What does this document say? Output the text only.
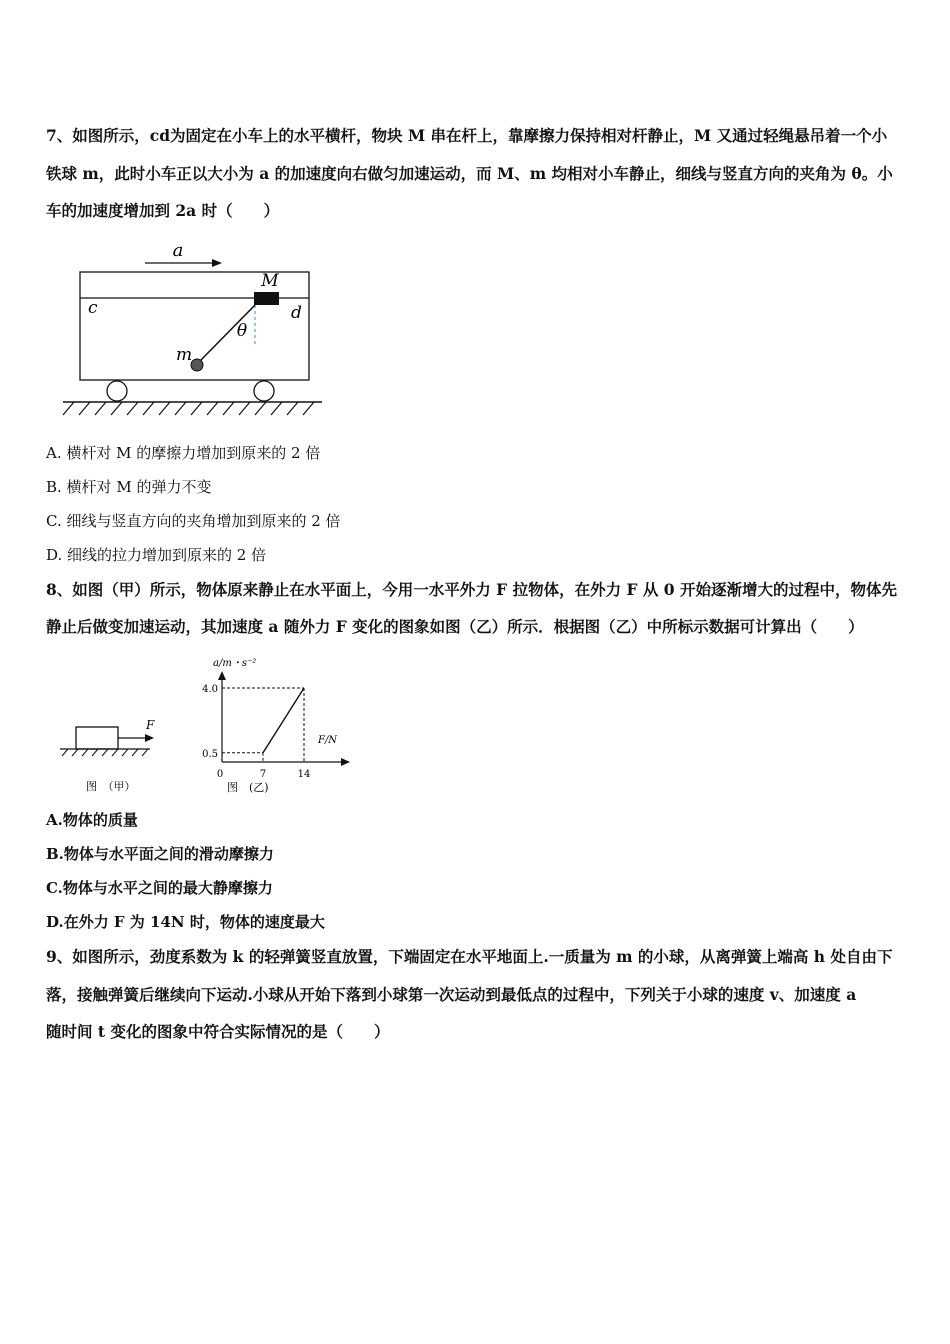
7、如图所示，cd为固定在小车上的水平横杆，物块 M 串在杆上，靠摩擦力保持相对杆静止，M 又通过轻绳悬吊着一个小
铁球 m，此时小车正以大小为 a 的加速度向右做匀加速运动，而 M、m 均相对小车静止，细线与竖直方向的夹角为 θ。小
车的加速度增加到 2a 时（　　）
a
c	d
M
θ
m
A. 横杆对 M 的摩擦力增加到原来的 2 倍
B. 横杆对 M 的弹力不变
C. 细线与竖直方向的夹角增加到原来的 2 倍
D. 细线的拉力增加到原来的 2 倍
8、如图（甲）所示，物体原来静止在水平面上，今用一水平外力 F 拉物体，在外力 F 从 0 开始逐渐增大的过程中，物体先
静止后做变加速运动，其加速度 a 随外力 F 变化的图象如图（乙）所示．根据图（乙）中所标示数据可计算出（　　）
F
图　（甲）
a/m・s⁻²
F/N
0
0.5
4.0
7	14
图　(乙)
A.物体的质量
B.物体与水平面之间的滑动摩擦力
C.物体与水平之间的最大静摩擦力
D.在外力 F 为 14N 时，物体的速度最大
9、如图所示，劲度系数为 k 的轻弹簧竖直放置，下端固定在水平地面上.一质量为 m 的小球，从离弹簧上端高 h 处自由下
落，接触弹簧后继续向下运动.小球从开始下落到小球第一次运动到最低点的过程中，下列关于小球的速度 v、加速度 a
随时间 t 变化的图象中符合实际情况的是（　　）
